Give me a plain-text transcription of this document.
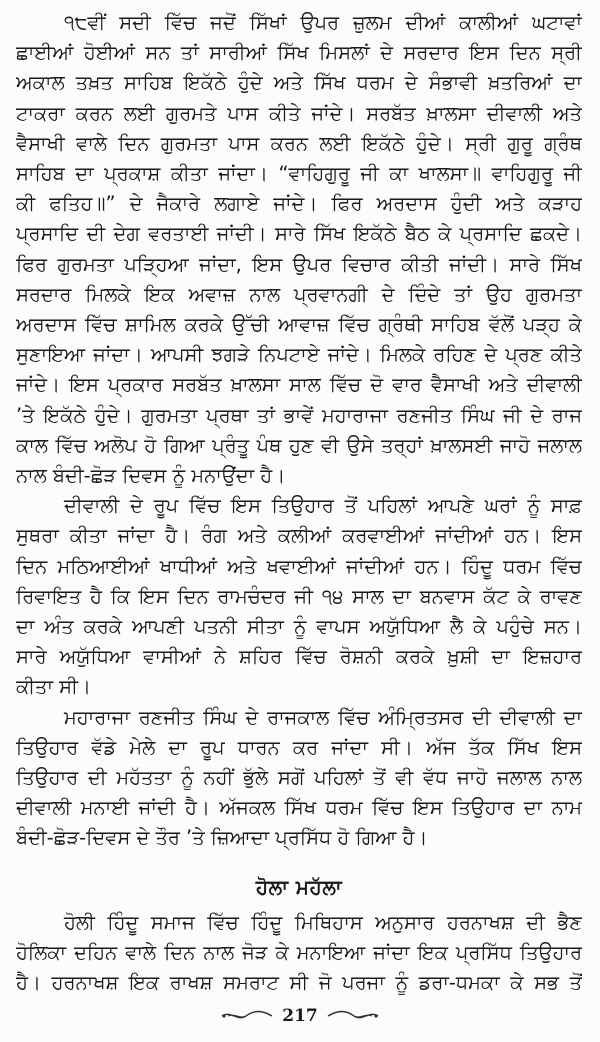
੧੮ਵੀਂ ਸਦੀ ਵਿੱਚ ਜਦੋਂ ਸਿੱਖਾਂ ਉਪਰ ਜ਼ੁਲਮ ਦੀਆਂ ਕਾਲੀਆਂ ਘਟਾਵਾਂ
ਛਾਈਆਂ ਹੋਈਆਂ ਸਨ ਤਾਂ ਸਾਰੀਆਂ ਸਿੱਖ ਮਿਸਲਾਂ ਦੇ ਸਰਦਾਰ ਇਸ ਦਿਨ ਸ੍ਰੀ
ਅਕਾਲ ਤਖ਼ਤ ਸਾਹਿਬ ਇਕੱਠੇ ਹੁੰਦੇ ਅਤੇ ਸਿੱਖ ਧਰਮ ਦੇ ਸੰਭਾਵੀ ਖ਼ਤਰਿਆਂ ਦਾ
ਟਾਕਰਾ ਕਰਨ ਲਈ ਗੁਰਮਤੇ ਪਾਸ ਕੀਤੇ ਜਾਂਦੇ। ਸਰਬੱਤ ਖ਼ਾਲਸਾ ਦੀਵਾਲੀ ਅਤੇ
ਵੈਸਾਖੀ ਵਾਲੇ ਦਿਨ ਗੁਰਮਤਾ ਪਾਸ ਕਰਨ ਲਈ ਇਕੱਠੇ ਹੁੰਦੇ। ਸ੍ਰੀ ਗੁਰੂ ਗ੍ਰੰਥ
ਸਾਹਿਬ ਦਾ ਪ੍ਰਕਾਸ਼ ਕੀਤਾ ਜਾਂਦਾ। “ਵਾਹਿਗੁਰੂ ਜੀ ਕਾ ਖਾਲਸਾ॥ ਵਾਹਿਗੁਰੂ ਜੀ
ਕੀ ਫਤਿਹ॥” ਦੇ ਜੈਕਾਰੇ ਲਗਾਏ ਜਾਂਦੇ। ਫਿਰ ਅਰਦਾਸ ਹੁੰਦੀ ਅਤੇ ਕੜਾਹ
ਪ੍ਰਸਾਦਿ ਦੀ ਦੇਗ ਵਰਤਾਈ ਜਾਂਦੀ। ਸਾਰੇ ਸਿੱਖ ਇਕੱਠੇ ਬੈਠ ਕੇ ਪ੍ਰਸਾਦਿ ਛਕਦੇ।
ਫਿਰ ਗੁਰਮਤਾ ਪੜ੍ਹਿਆ ਜਾਂਦਾ, ਇਸ ਉਪਰ ਵਿਚਾਰ ਕੀਤੀ ਜਾਂਦੀ। ਸਾਰੇ ਸਿੱਖ
ਸਰਦਾਰ ਮਿਲਕੇ ਇਕ ਅਵਾਜ਼ ਨਾਲ ਪ੍ਰਵਾਨਗੀ ਦੇ ਦਿੰਦੇ ਤਾਂ ਉਹ ਗੁਰਮਤਾ
ਅਰਦਾਸ ਵਿੱਚ ਸ਼ਾਮਿਲ ਕਰਕੇ ਉੱਚੀ ਆਵਾਜ਼ ਵਿੱਚ ਗ੍ਰੰਥੀ ਸਾਹਿਬ ਵੱਲੋਂ ਪੜ੍ਹ ਕੇ
ਸੁਣਾਇਆ ਜਾਂਦਾ। ਆਪਸੀ ਝਗੜੇ ਨਿਪਟਾਏ ਜਾਂਦੇ। ਮਿਲਕੇ ਰਹਿਣ ਦੇ ਪ੍ਰਣ ਕੀਤੇ
ਜਾਂਦੇ। ਇਸ ਪ੍ਰਕਾਰ ਸਰਬੱਤ ਖ਼ਾਲਸਾ ਸਾਲ ਵਿੱਚ ਦੋ ਵਾਰ ਵੈਸਾਖੀ ਅਤੇ ਦੀਵਾਲੀ
’ਤੇ ਇਕੱਠੇ ਹੁੰਦੇ। ਗੁਰਮਤਾ ਪ੍ਰਥਾ ਤਾਂ ਭਾਵੇਂ ਮਹਾਰਾਜਾ ਰਣਜੀਤ ਸਿੰਘ ਜੀ ਦੇ ਰਾਜ
ਕਾਲ ਵਿੱਚ ਅਲੋਪ ਹੋ ਗਿਆ ਪ੍ਰੰਤੂ ਪੰਥ ਹੁਣ ਵੀ ਉਸੇ ਤਰ੍ਹਾਂ ਖ਼ਾਲਸਈ ਜਾਹੋ ਜਲਾਲ
ਨਾਲ ਬੰਦੀ-ਛੋੜ ਦਿਵਸ ਨੂੰ ਮਨਾਉਂਦਾ ਹੈ।
ਦੀਵਾਲੀ ਦੇ ਰੂਪ ਵਿੱਚ ਇਸ ਤਿਉਹਾਰ ਤੋਂ ਪਹਿਲਾਂ ਆਪਣੇ ਘਰਾਂ ਨੂੰ ਸਾਫ਼
ਸੁਥਰਾ ਕੀਤਾ ਜਾਂਦਾ ਹੈ। ਰੰਗ ਅਤੇ ਕਲੀਆਂ ਕਰਵਾਈਆਂ ਜਾਂਦੀਆਂ ਹਨ। ਇਸ
ਦਿਨ ਮਠਿਆਈਆਂ ਖਾਧੀਆਂ ਅਤੇ ਖਵਾਈਆਂ ਜਾਂਦੀਆਂ ਹਨ। ਹਿੰਦੂ ਧਰਮ ਵਿੱਚ
ਰਿਵਾਇਤ ਹੈ ਕਿ ਇਸ ਦਿਨ ਰਾਮਚੰਦਰ ਜੀ ੧੪ ਸਾਲ ਦਾ ਬਨਵਾਸ ਕੱਟ ਕੇ ਰਾਵਣ
ਦਾ ਅੰਤ ਕਰਕੇ ਆਪਣੀ ਪਤਨੀ ਸੀਤਾ ਨੂੰ ਵਾਪਸ ਅਯੁੱਧਿਆ ਲੈ ਕੇ ਪਹੁੰਚੇ ਸਨ।
ਸਾਰੇ ਅਯੁੱਧਿਆ ਵਾਸੀਆਂ ਨੇ ਸ਼ਹਿਰ ਵਿੱਚ ਰੋਸ਼ਨੀ ਕਰਕੇ ਖ਼ੁਸ਼ੀ ਦਾ ਇਜ਼ਹਾਰ
ਕੀਤਾ ਸੀ।
ਮਹਾਰਾਜਾ ਰਣਜੀਤ ਸਿੰਘ ਦੇ ਰਾਜਕਾਲ ਵਿੱਚ ਅੰਮ੍ਰਿਤਸਰ ਦੀ ਦੀਵਾਲੀ ਦਾ
ਤਿਉਹਾਰ ਵੱਡੇ ਮੇਲੇ ਦਾ ਰੂਪ ਧਾਰਨ ਕਰ ਜਾਂਦਾ ਸੀ। ਅੱਜ ਤੱਕ ਸਿੱਖ ਇਸ
ਤਿਉਹਾਰ ਦੀ ਮਹੱਤਤਾ ਨੂੰ ਨਹੀਂ ਭੁੱਲੇ ਸਗੋਂ ਪਹਿਲਾਂ ਤੋਂ ਵੀ ਵੱਧ ਜਾਹੋ ਜਲਾਲ ਨਾਲ
ਦੀਵਾਲੀ ਮਨਾਈ ਜਾਂਦੀ ਹੈ। ਅੱਜਕਲ ਸਿੱਖ ਧਰਮ ਵਿੱਚ ਇਸ ਤਿਉਹਾਰ ਦਾ ਨਾਮ
ਬੰਦੀ-ਛੋੜ-ਦਿਵਸ ਦੇ ਤੌਰ ’ਤੇ ਜ਼ਿਆਦਾ ਪ੍ਰਸਿੱਧ ਹੋ ਗਿਆ ਹੈ।
ਹੋਲਾ ਮਹੱਲਾ
ਹੋਲੀ ਹਿੰਦੂ ਸਮਾਜ ਵਿੱਚ ਹਿੰਦੂ ਮਿਥਿਹਾਸ ਅਨੁਸਾਰ ਹਰਨਾਖਸ਼ ਦੀ ਭੈਣ
ਹੋਲਿਕਾ ਦਹਿਨ ਵਾਲੇ ਦਿਨ ਨਾਲ ਜੋੜ ਕੇ ਮਨਾਇਆ ਜਾਂਦਾ ਇਕ ਪ੍ਰਸਿੱਧ ਤਿਉਹਾਰ
ਹੈ। ਹਰਨਾਖਸ਼ ਇਕ ਰਾਖਸ਼ ਸਮਰਾਟ ਸੀ ਜੋ ਪਰਜਾ ਨੂੰ ਡਰਾ-ਧਮਕਾ ਕੇ ਸਭ ਤੋਂ
217
